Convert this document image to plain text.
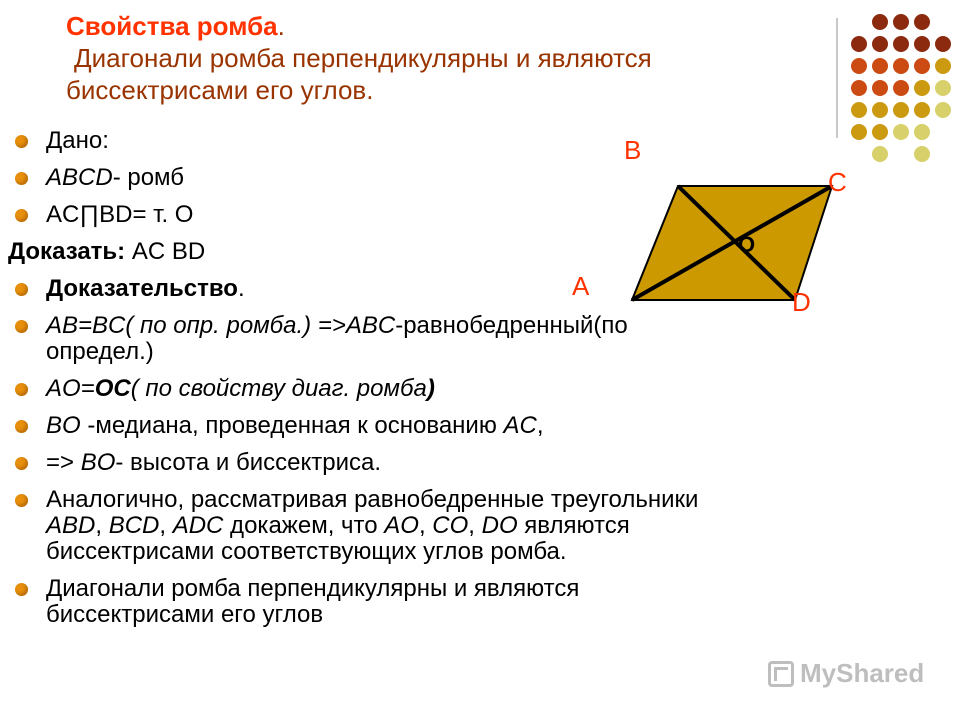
Свойства ромба.
Диагонали ромба перпендикулярны и являются
биссектрисами его углов.
B
C
A
D
O
Дано:
ABCD- ромб
AC∏BD= т. О
Доказать: AC BD
Доказательство.
AB=BC( по опр. ромба.) =>ABC-равнобедренный(по
определ.)
AO=OC( по свойству диаг. ромба)
BO -медиана, проведенная к основанию AC,
=> BO- высота и биссектриса.
Аналогично, рассматривая равнобедренные треугольники
ABD, BCD, ADC докажем, что AO, CO, DO являются
биссектрисами соответствующих углов ромба.
Диагонали ромба перпендикулярны и являются
биссектрисами его углов
MyShared
